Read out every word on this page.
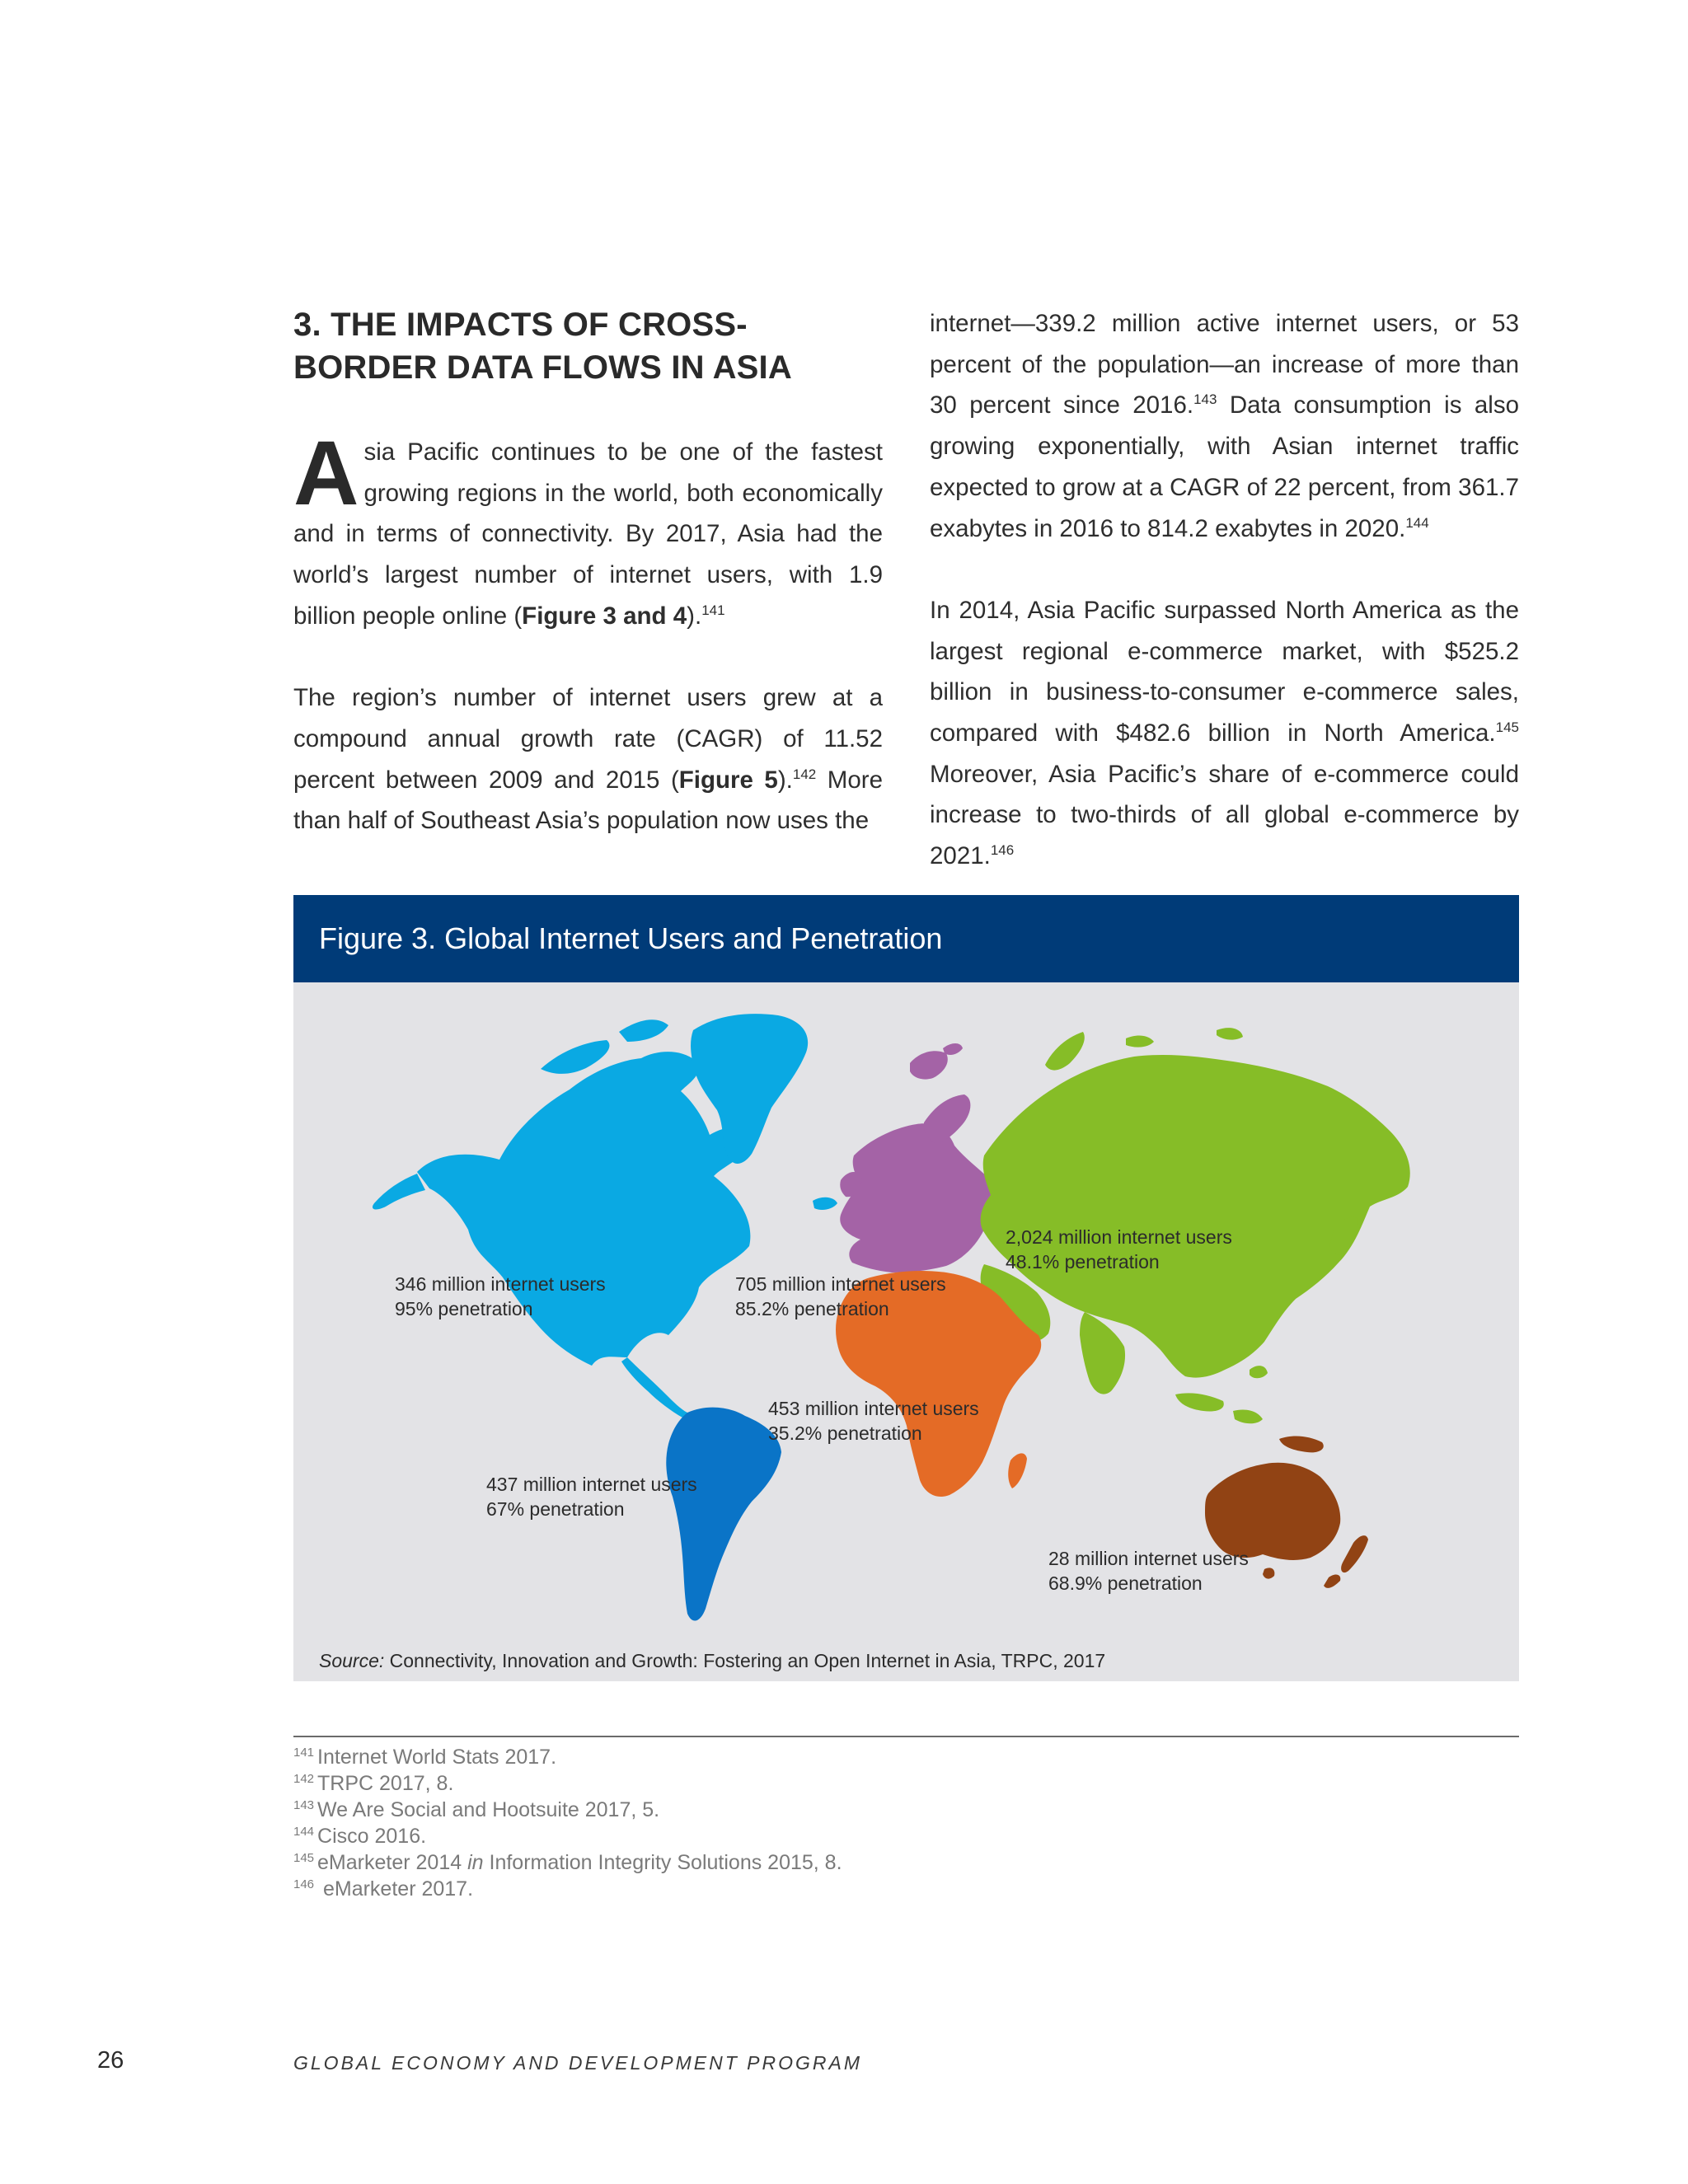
3. THE IMPACTS OF CROSS-
BORDER DATA FLOWS IN ASIA

Asia Pacific continues to be one of the fastest growing regions in the world, both economically and in terms of connectivity. By 2017, Asia had the world’s largest number of internet users, with 1.9 billion people online (Figure 3 and 4).$^{141}$

The region’s number of internet users grew at a compound annual growth rate (CAGR) of 11.52 percent between 2009 and 2015 (Figure 5).$^{142}$ More than half of Southeast Asia’s population now uses the

internet—339.2 million active internet users, or 53 percent of the population—an increase of more than 30 percent since 2016.$^{143}$ Data consumption is also growing exponentially, with Asian internet traffic expected to grow at a CAGR of 22 percent, from 361.7 exabytes in 2016 to 814.2 exabytes in 2020.$^{144}$

In 2014, Asia Pacific surpassed North America as the largest regional e-commerce market, with $525.2 billion in business-to-consumer e-commerce sales, compared with $482.6 billion in North America.$^{145}$ Moreover, Asia Pacific’s share of e-commerce could increase to two-thirds of all global e-commerce by 2021.$^{146}$

Figure 3. Global Internet Users and Penetration
346 million internet users
95% penetration
705 million internet users
85.2% penetration
2,024 million internet users
48.1% penetration
453 million internet users
35.2% penetration
437 million internet users
67% penetration
28 million internet users
68.9% penetration
Source: Connectivity, Innovation and Growth: Fostering an Open Internet in Asia, TRPC, 2017
$^{141}$ Internet World Stats 2017.
$^{142}$ TRPC 2017, 8.
$^{143}$ We Are Social and Hootsuite 2017, 5.
$^{144}$ Cisco 2016.
$^{145}$ eMarketer 2014 in Information Integrity Solutions 2015, 8.
$^{146}$ eMarketer 2017.
26	GLOBAL ECONOMY AND DEVELOPMENT PROGRAM
